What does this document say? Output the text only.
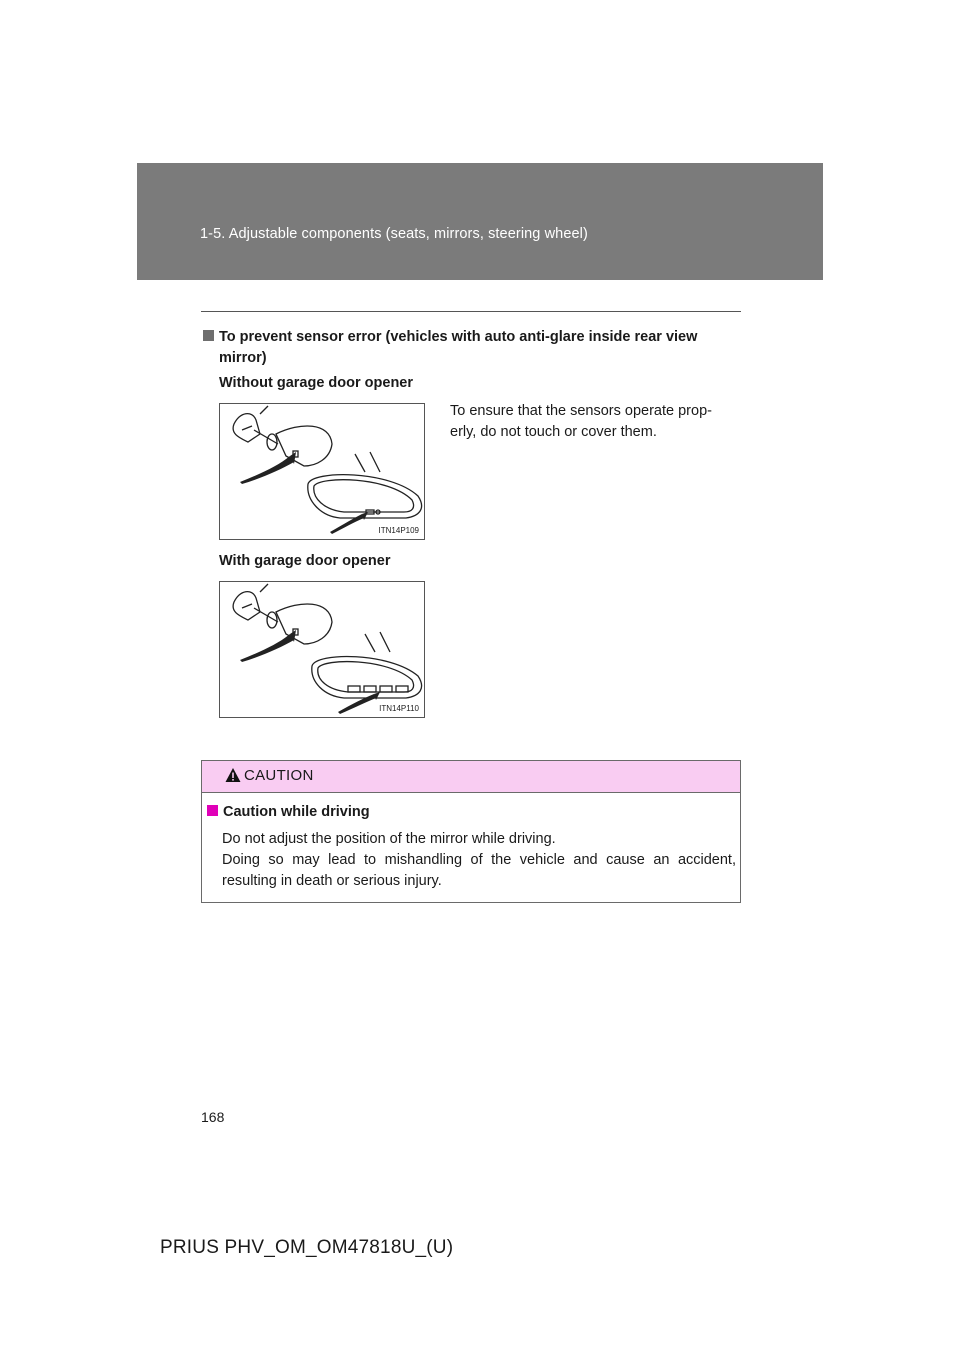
1-5. Adjustable components (seats, mirrors, steering wheel)
To prevent sensor error (vehicles with auto anti-glare inside rear view
mirror)
Without garage door opener
ITN14P109
To ensure that the sensors operate prop-
erly, do not touch or cover them.
With garage door opener
ITN14P110
CAUTION
Caution while driving

Do not adjust the position of the mirror while driving.

Doing so may lead to mishandling of the vehicle and cause an accident, resulting in death or serious injury.

168
PRIUS PHV_OM_OM47818U_(U)
